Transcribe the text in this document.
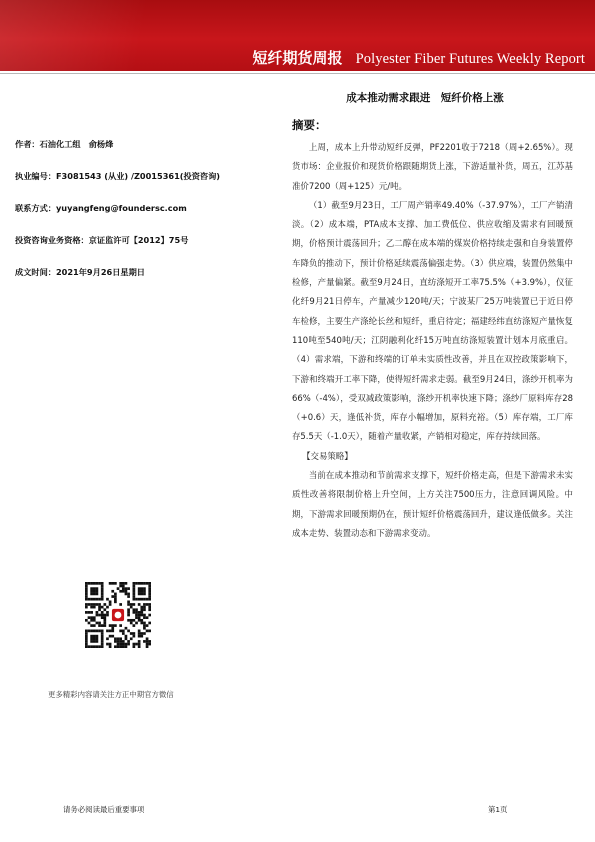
短纤期货周报 Polyester Fiber Futures Weekly Report
成本推动需求跟进　短纤价格上涨
作者：石油化工组　俞杨烽
执业编号：F3081543 (从业) /Z0015361(投资咨询)
联系方式：yuyangfeng@foundersc.com
投资咨询业务资格：京证监许可【2012】75号
成文时间：2021年9月26日星期日
更多精彩内容请关注方正中期官方微信
摘要：

上周，成本上升带动短纤反弹，PF2201收于7218（周+2.65%）。现货市场：企业报价和现货价格跟随期货上涨，下游适量补货，周五，江苏基准价7200（周+125）元/吨。

（1）截至9月23日，工厂周产销率49.40%（-37.97%），工厂产销清淡。（2）成本端，PTA成本支撑、加工费低位、供应收缩及需求有回暖预期，价格预计震荡回升；乙二醇在成本端的煤炭价格持续走强和自身装置停车降负的推动下，预计价格延续震荡偏强走势。（3）供应端，装置仍然集中检修，产量偏紧。截至9月24日，直纺涤短开工率75.5%（+3.9%），仪征化纤9月21日停车，产量减少120吨/天；宁波某厂25万吨装置已于近日停车检修，主要生产涤纶长丝和短纤，重启待定；福建经纬直纺涤短产量恢复110吨至540吨/天；江阴融利化纤15万吨直纺涤短装置计划本月底重启。（4）需求端，下游和终端的订单未实质性改善，并且在双控政策影响下，下游和终端开工率下降，使得短纤需求走弱。截至9月24日，涤纱开机率为66%（-4%），受双减政策影响，涤纱开机率快速下降；涤纱厂原料库存28（+0.6）天，逢低补货，库存小幅增加，原料充裕。（5）库存端，工厂库存5.5天（-1.0天），随着产量收紧，产销相对稳定，库存持续回落。

【交易策略】

当前在成本推动和节前需求支撑下，短纤价格走高，但是下游需求未实质性改善将限制价格上升空间，上方关注7500压力，注意回调风险。中期，下游需求回暖预期仍在，预计短纤价格震荡回升，建议逢低做多。关注成本走势、装置动态和下游需求变动。

请务必阅读最后重要事项	第1页
